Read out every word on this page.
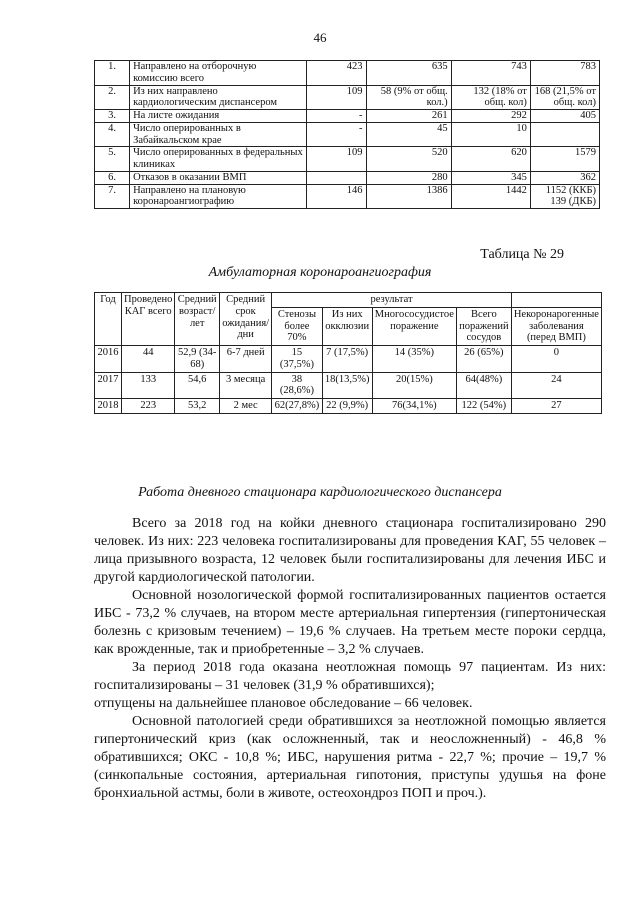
46
1.	Направлено на отборочную комиссию всего	423	635	743	783
2.	Из них направлено кардиологическим диспансером	109	58 (9% от общ. кол.)	132 (18% от общ. кол)	168 (21,5% от общ. кол)
3.	На листе ожидания	-	261	292	405
4.	Число оперированных в Забайкальском крае	-	45	10	
5.	Число оперированных в федеральных клиниках	109	520	620	1579
6.	Отказов в оказании ВМП		280	345	362
7.	Направлено на плановую коронароангиографию	146	1386	1442	1152 (ККБ) 139 (ДКБ)
Таблица № 29
Амбулаторная коронароангиография
Год	Проведено КАГ всего	Средний возраст/ лет	Средний срок ожидания/ дни	результат				
				Стенозы более 70%	Из них окклюзии	Многососудистое поражение	Всего поражений сосудов	Некоронарогенные заболевания (перед ВМП)
2016	44	52,9 (34-68)	6-7 дней	15 (37,5%)	7 (17,5%)	14 (35%)	26 (65%)	0
2017	133	54,6	3 месяца	38 (28,6%)	18(13,5%)	20(15%)	64(48%)	24
2018	223	53,2	2 мес	62(27,8%)	22 (9,9%)	76(34,1%)	122 (54%)	27
Работа дневного стационара кардиологического диспансера

Всего за 2018 год на койки дневного стационара госпитализировано 290 человек. Из них: 223 человека госпитализированы для проведения КАГ, 55 человек – лица призывного возраста, 12 человек были госпитализированы для лечения ИБС и другой кардиологической патологии.

Основной нозологической формой госпитализированных пациентов остается ИБС - 73,2 % случаев, на втором месте артериальная гипертензия (гипертоническая болезнь с кризовым течением) – 19,6 % случаев. На третьем месте пороки сердца, как врожденные, так и приобретенные – 3,2 % случаев.

За период 2018 года оказана неотложная помощь 97 пациентам. Из них: госпитализированы – 31 человек (31,9 % обратившихся);

отпущены на дальнейшее плановое обследование – 66 человек.

Основной патологией среди обратившихся за неотложной помощью является гипертонический криз (как осложненный, так и неосложненный) - 46,8 % обратившихся; ОКС - 10,8 %; ИБС, нарушения ритма - 22,7 %; прочие – 19,7 % (синкопальные состояния, артериальная гипотония, приступы удушья на фоне бронхиальной астмы, боли в животе, остеохондроз ПОП и проч.).
